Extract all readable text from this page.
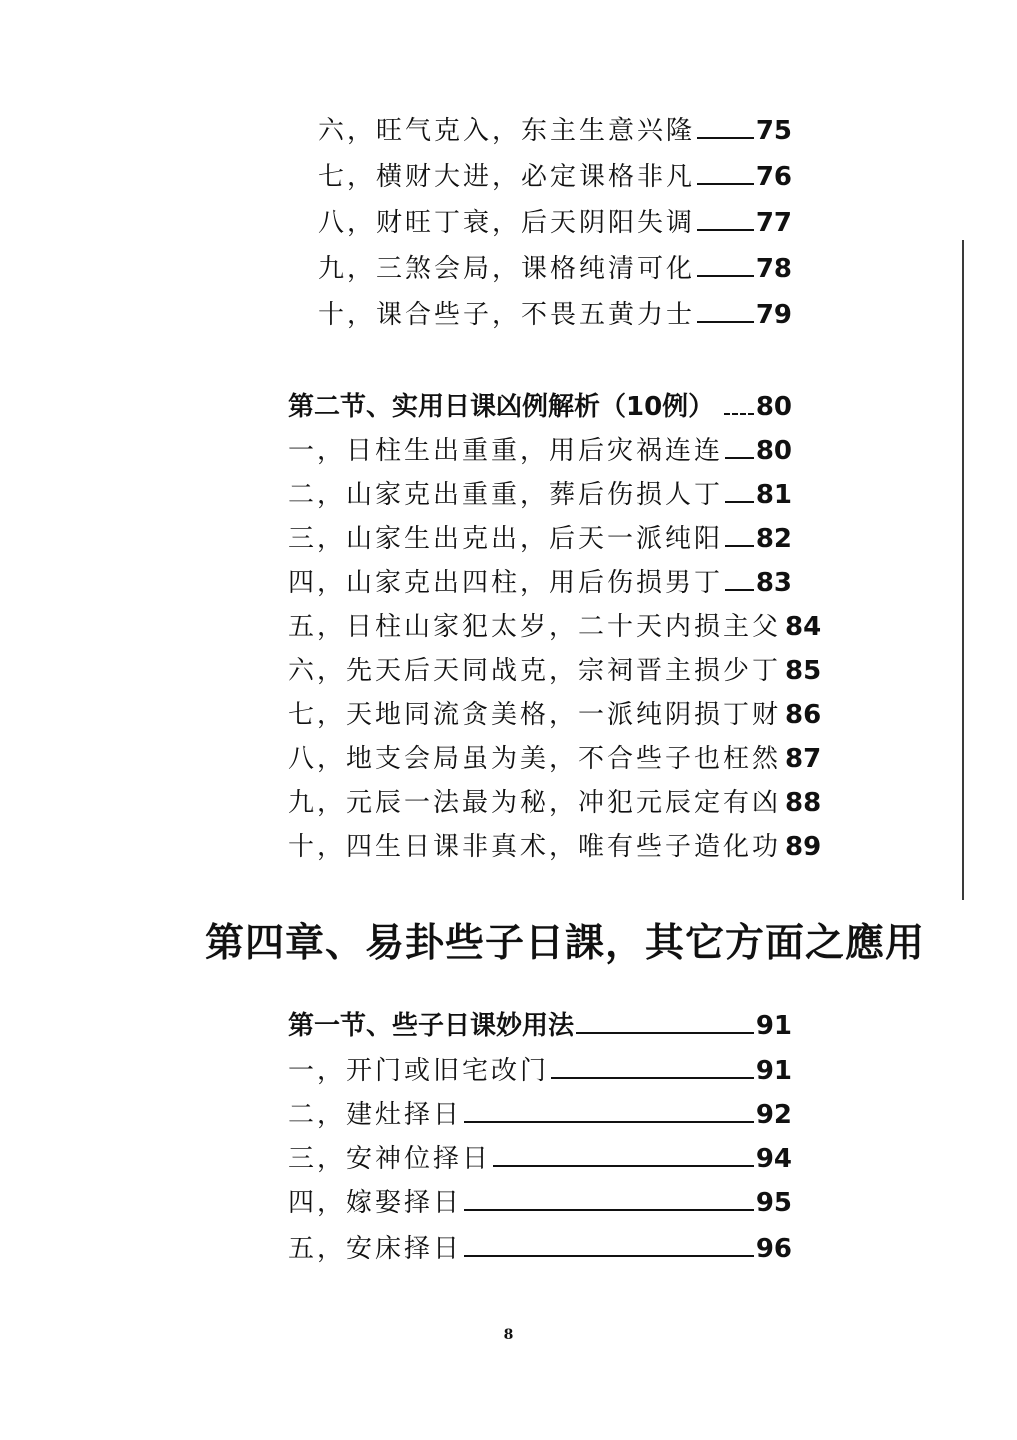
六，旺气克入，东主生意兴隆 75
七，横财大进，必定课格非凡 76
八，财旺丁衰，后天阴阳失调 77
九，三煞会局，课格纯清可化 78
十，课合些子，不畏五黄力士 79
第二节、实用日课凶例解析（10例） 80
一，日柱生出重重，用后灾祸连连 80
二，山家克出重重，葬后伤损人丁 81
三，山家生出克出，后天一派纯阳 82
四，山家克出四柱，用后伤损男丁 83
五，日柱山家犯太岁，二十天内损主父 84
六，先天后天同战克，宗祠晋主损少丁 85
七，天地同流贪美格，一派纯阴损丁财 86
八，地支会局虽为美，不合些子也枉然 87
九，元辰一法最为秘，冲犯元辰定有凶 88
十，四生日课非真术，唯有些子造化功 89
第四章、易卦些子日課，其它方面之應用
第一节、些子日课妙用法	91
一，开门或旧宅改门	91
二，建灶择日	92
三，安神位择日	94
四，嫁娶择日	95
五，安床择日	96
8
